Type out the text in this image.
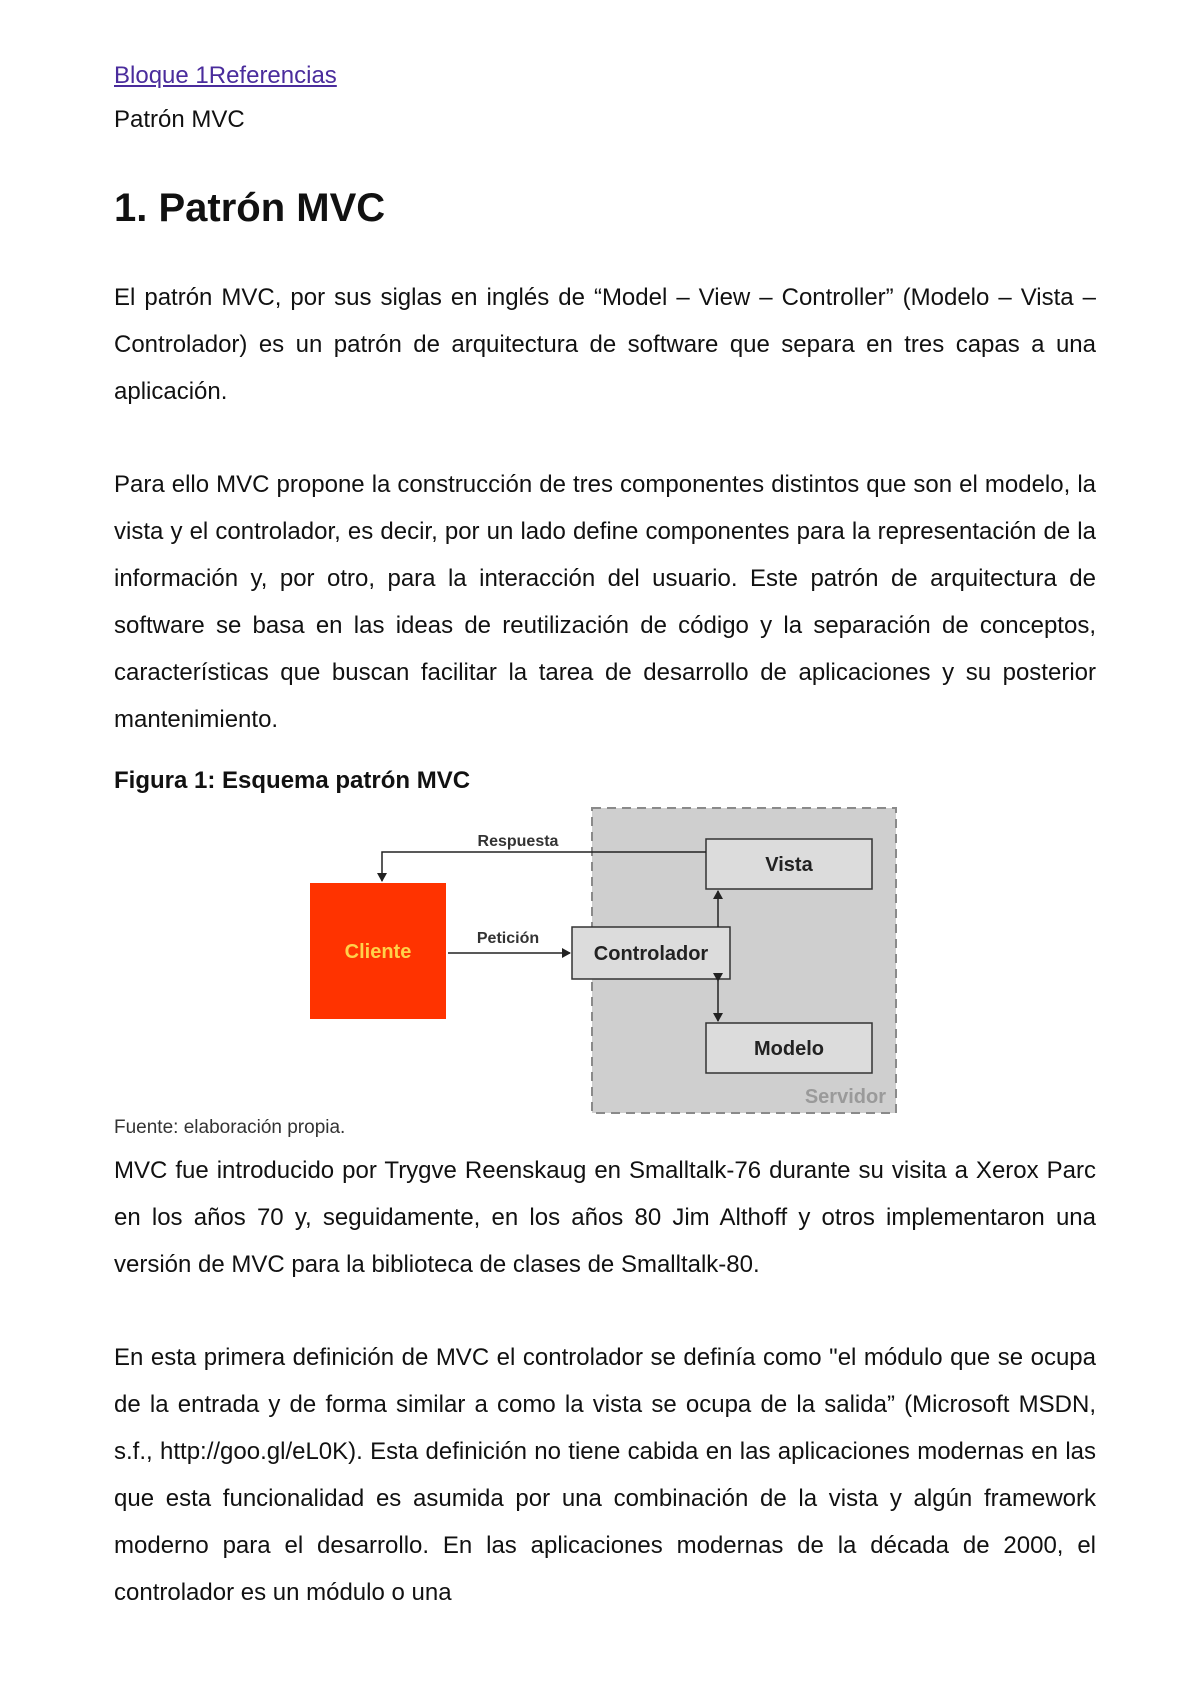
Bloque 1Referencias

Patrón MVC

1. Patrón MVC

El patrón MVC, por sus siglas en inglés de “Model – View – Controller” (Modelo – Vista – Controlador) es un patrón de arquitectura de software que separa en tres capas a una aplicación.

Para ello MVC propone la construcción de tres componentes distintos que son el modelo, la vista y el controlador, es decir, por un lado define componentes para la representación de la información y, por otro, para la interacción del usuario. Este patrón de arquitectura de software se basa en las ideas de reutilización de código y la separación de conceptos, características que buscan facilitar la tarea de desarrollo de aplicaciones y su posterior mantenimiento.

Figura 1: Esquema patrón MVC

Servidor
Cliente
Vista
Controlador
Modelo
Respuesta
Petición

Fuente: elaboración propia.

MVC fue introducido por Trygve Reenskaug en Smalltalk-76 durante su visita a Xerox Parc en los años 70 y, seguidamente, en los años 80 Jim Althoff y otros implementaron una versión de MVC para la biblioteca de clases de Smalltalk-80.

En esta primera definición de MVC el controlador se definía como "el módulo que se ocupa de la entrada y de forma similar a como la vista se ocupa de la salida” (Microsoft MSDN, s.f., http://goo.gl/eL0K). Esta definición no tiene cabida en las aplicaciones modernas en las que esta funcionalidad es asumida por una combinación de la vista y algún framework moderno para el desarrollo. En las aplicaciones modernas de la década de 2000, el controlador es un módulo o una
